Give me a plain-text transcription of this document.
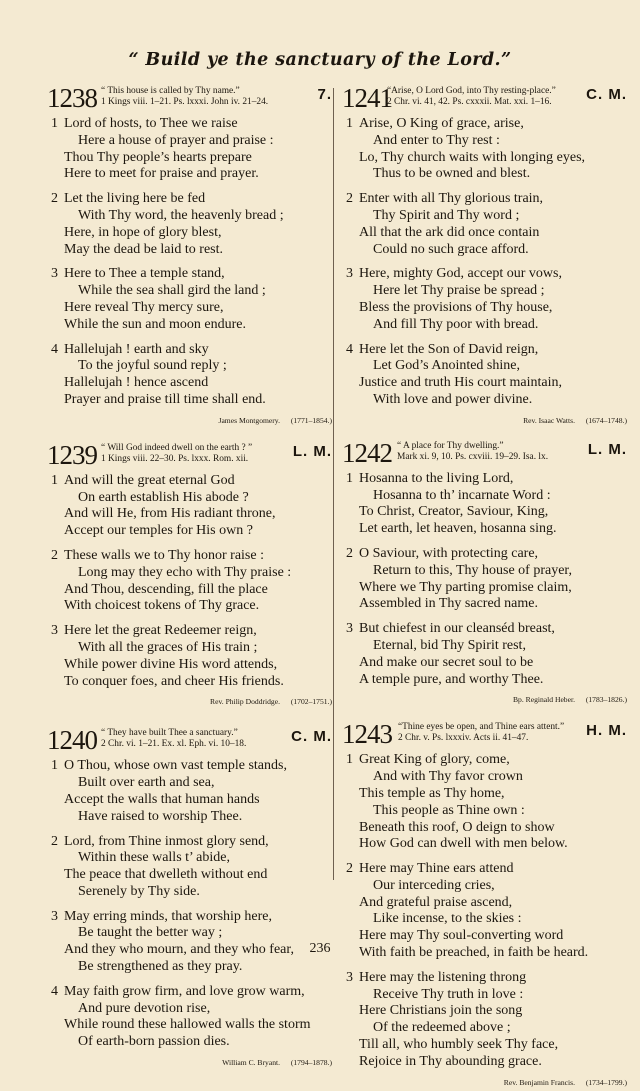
“ Build ye the sanctuary of the Lord.”
1238 “ This house is called by Thy name.”
1 Kings viii. 1–21. Ps. lxxxi. John iv. 21–24.	7.
1 Lord of hosts, to Thee we raise
Here a house of prayer and praise :
Thou Thy people’s hearts prepare
Here to meet for praise and prayer.
2 Let the living here be fed
With Thy word, the heavenly bread ;
Here, in hope of glory blest,
May the dead be laid to rest.
3 Here to Thee a temple stand,
While the sea shall gird the land ;
Here reveal Thy mercy sure,
While the sun and moon endure.
4 Hallelujah ! earth and sky
To the joyful sound reply ;
Hallelujah ! hence ascend
Prayer and praise till time shall end.
James Montgomery. (1771–1854.)
1239 “ Will God indeed dwell on the earth ? ”
1 Kings viii. 22–30. Ps. lxxx. Rom. xii.	L. M.
1 And will the great eternal God
On earth establish His abode ?
And will He, from His radiant throne,
Accept our temples for His own ?
2 These walls we to Thy honor raise :
Long may they echo with Thy praise :
And Thou, descending, fill the place
With choicest tokens of Thy grace.
3 Here let the great Redeemer reign,
With all the graces of His train ;
While power divine His word attends,
To conquer foes, and cheer His friends.
Rev. Philip Doddridge. (1702–1751.)
1240 “ They have built Thee a sanctuary.”
2 Chr. vi. 1–21. Ex. xl. Eph. vi. 10–18.	C. M.
1 O Thou, whose own vast temple stands,
Built over earth and sea,
Accept the walls that human hands
Have raised to worship Thee.
2 Lord, from Thine inmost glory send,
Within these walls t’ abide,
The peace that dwelleth without end
Serenely by Thy side.
3 May erring minds, that worship here,
Be taught the better way ;
And they who mourn, and they who fear,
Be strengthened as they pray.
4 May faith grow firm, and love grow warm,
And pure devotion rise,
While round these hallowed walls the storm
Of earth-born passion dies.
William C. Bryant. (1794–1878.)
1241
“Arise, O Lord God, into Thy resting-place.”
2 Chr. vi. 41, 42. Ps. cxxxii. Mat. xxi. 1–16. C. M.
1 Arise, O King of grace, arise,
And enter to Thy rest :
Lo, Thy church waits with longing eyes,
Thus to be owned and blest.
2 Enter with all Thy glorious train,
Thy Spirit and Thy word ;
All that the ark did once contain
Could no such grace afford.
3 Here, mighty God, accept our vows,
Here let Thy praise be spread ;
Bless the provisions of Thy house,
And fill Thy poor with bread.
4 Here let the Son of David reign,
Let God’s Anointed shine,
Justice and truth His court maintain,
With love and power divine.
Rev. Isaac Watts. (1674–1748.)
1242 “ A place for Thy dwelling.”
Mark xi. 9, 10. Ps. cxviii. 19–29. Isa. lx.	L. M.
1 Hosanna to the living Lord,
Hosanna to th’ incarnate Word :
To Christ, Creator, Saviour, King,
Let earth, let heaven, hosanna sing.
2 O Saviour, with protecting care,
Return to this, Thy house of prayer,
Where we Thy parting promise claim,
Assembled in Thy sacred name.
3 But chiefest in our cleanséd breast,
Eternal, bid Thy Spirit rest,
And make our secret soul to be
A temple pure, and worthy Thee.
Bp. Reginald Heber. (1783–1826.)
1243 “Thine eyes be open, and Thine ears attent.”
2 Chr. v. Ps. lxxxiv. Acts ii. 41–47.	H. M.
1 Great King of glory, come,
And with Thy favor crown
This temple as Thy home,
This people as Thine own :
Beneath this roof, O deign to show
How God can dwell with men below.
2 Here may Thine ears attend
Our interceding cries,
And grateful praise ascend,
Like incense, to the skies :
Here may Thy soul-converting word
With faith be preached, in faith be heard.
3 Here may the listening throng
Receive Thy truth in love :
Here Christians join the song
Of the redeemed above ;
Till all, who humbly seek Thy face,
Rejoice in Thy abounding grace.
Rev. Benjamin Francis. (1734–1799.)
236
